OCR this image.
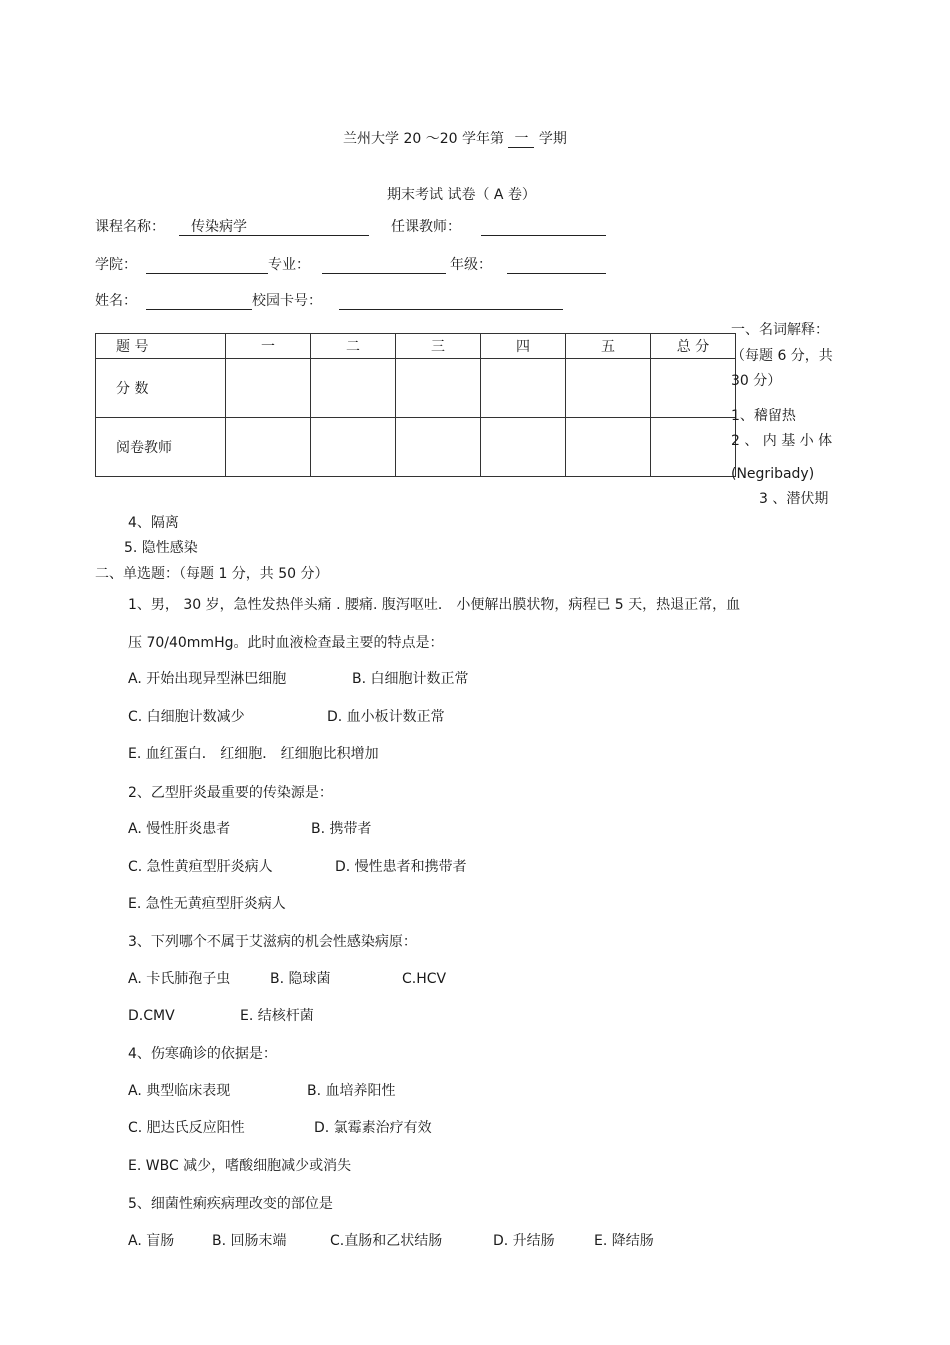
兰州大学 20 ～20 学年第 一 学期
期末考试 试卷（ A 卷）
课程名称：	传染病学	任课教师：
学院：	专业：	年级：
姓名：	校园卡号：
题 号	一	二	三	四	五	总 分
分 数						
阅卷教师						
一、名词解释：
（每题 6 分，共
30 分）
1、稽留热
2 、 内 基 小 体
(Negribady)
3 、潜伏期
4、隔离
5. 隐性感染
二、单选题：（每题 1 分，共 50 分）
1、男， 30 岁，急性发热伴头痛 . 腰痛. 腹泻呕吐． 小便解出膜状物，病程已 5 天，热退正常，血
压 70/40mmHg。此时血液检查最主要的特点是：
A. 开始出现异型淋巴细胞	B. 白细胞计数正常
C. 白细胞计数减少	D. 血小板计数正常
E. 血红蛋白． 红细胞． 红细胞比积增加
2、乙型肝炎最重要的传染源是：
A. 慢性肝炎患者	B. 携带者
C. 急性黄疸型肝炎病人	D. 慢性患者和携带者
E. 急性无黄疸型肝炎病人
3、下列哪个不属于艾滋病的机会性感染病原：
A. 卡氏肺孢子虫	B. 隐球菌	C.HCV
D.CMV	E. 结核杆菌
4、伤寒确诊的依据是：
A. 典型临床表现	B. 血培养阳性
C. 肥达氏反应阳性	D. 氯霉素治疗有效
E. WBC 减少，嗜酸细胞减少或消失
5、细菌性痢疾病理改变的部位是
A. 盲肠	B. 回肠末端	C.直肠和乙状结肠	D. 升结肠	E. 降结肠
